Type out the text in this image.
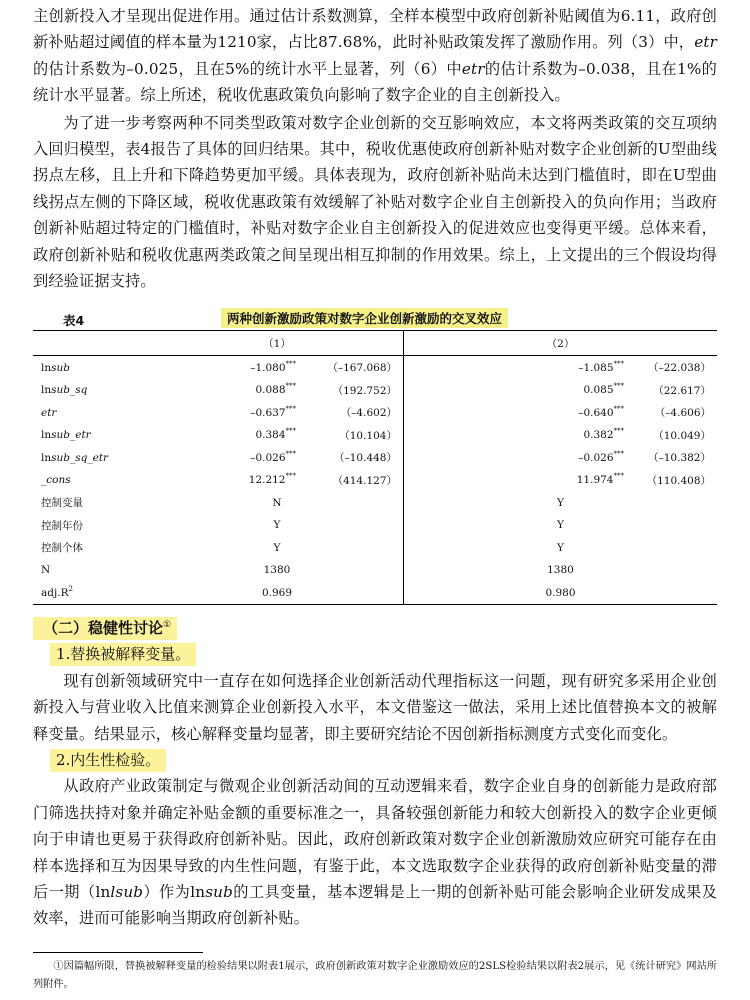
主创新投入才呈现出促进作用。通过估计系数测算，全样本模型中政府创新补贴阈值为6.11，政府创新补贴超过阈值的样本量为1210家，占比87.68%，此时补贴政策发挥了激励作用。列（3）中，etr的估计系数为–0.025，且在5%的统计水平上显著，列（6）中etr的估计系数为–0.038，且在1%的统计水平显著。综上所述，税收优惠政策负向影响了数字企业的自主创新投入。

为了进一步考察两种不同类型政策对数字企业创新的交互影响效应，本文将两类政策的交互项纳入回归模型，表4报告了具体的回归结果。其中，税收优惠使政府创新补贴对数字企业创新的U型曲线拐点左移，且上升和下降趋势更加平缓。具体表现为，政府创新补贴尚未达到门槛值时，即在U型曲线拐点左侧的下降区域，税收优惠政策有效缓解了补贴对数字企业自主创新投入的负向作用；当政府创新补贴超过特定的门槛值时，补贴对数字企业自主创新投入的促进效应也变得更平缓。总体来看，政府创新补贴和税收优惠两类政策之间呈现出相互抑制的作用效果。综上，上文提出的三个假设均得到经验证据支持。

表4	两种创新激励政策对数字企业创新激励的交叉效应
	（1）		（2）	
lnsub	–1.080***	（–167.068）	–1.085***	（–22.038）
lnsub_sq	0.088***	（192.752）	0.085***	（22.617）
etr	–0.637***	（–4.602）	–0.640***	（–4.606）
lnsub_etr	0.384***	（10.104）	0.382***	（10.049）
lnsub_sq_etr	–0.026***	（–10.448）	–0.026***	（–10.382）
_cons	12.212***	（414.127）	11.974***	（110.408）
控制变量	N		Y	
控制年份	Y		Y	
控制个体	Y		Y	
N	1380		1380	
$adj.R^2$	0.969		0.980	
（二）稳健性讨论①
1.替换被解释变量。

现有创新领域研究中一直存在如何选择企业创新活动代理指标这一问题，现有研究多采用企业创新投入与营业收入比值来测算企业创新投入水平，本文借鉴这一做法，采用上述比值替换本文的被解释变量。结果显示，核心解释变量均显著，即主要研究结论不因创新指标测度方式变化而变化。

2.内生性检验。

从政府产业政策制定与微观企业创新活动间的互动逻辑来看，数字企业自身的创新能力是政府部门筛选扶持对象并确定补贴金额的重要标准之一，具备较强创新能力和较大创新投入的数字企业更倾向于申请也更易于获得政府创新补贴。因此，政府创新政策对数字企业创新激励效应研究可能存在由样本选择和互为因果导致的内生性问题，有鉴于此，本文选取数字企业获得的政府创新补贴变量的滞后一期（lnlsub）作为lnsub的工具变量，基本逻辑是上一期的创新补贴可能会影响企业研发成果及效率，进而可能影响当期政府创新补贴。

①因篇幅所限，替换被解释变量的检验结果以附表1展示，政府创新政策对数字企业激励效应的2SLS检验结果以附表2展示，见《统计研究》网站所列附件。
